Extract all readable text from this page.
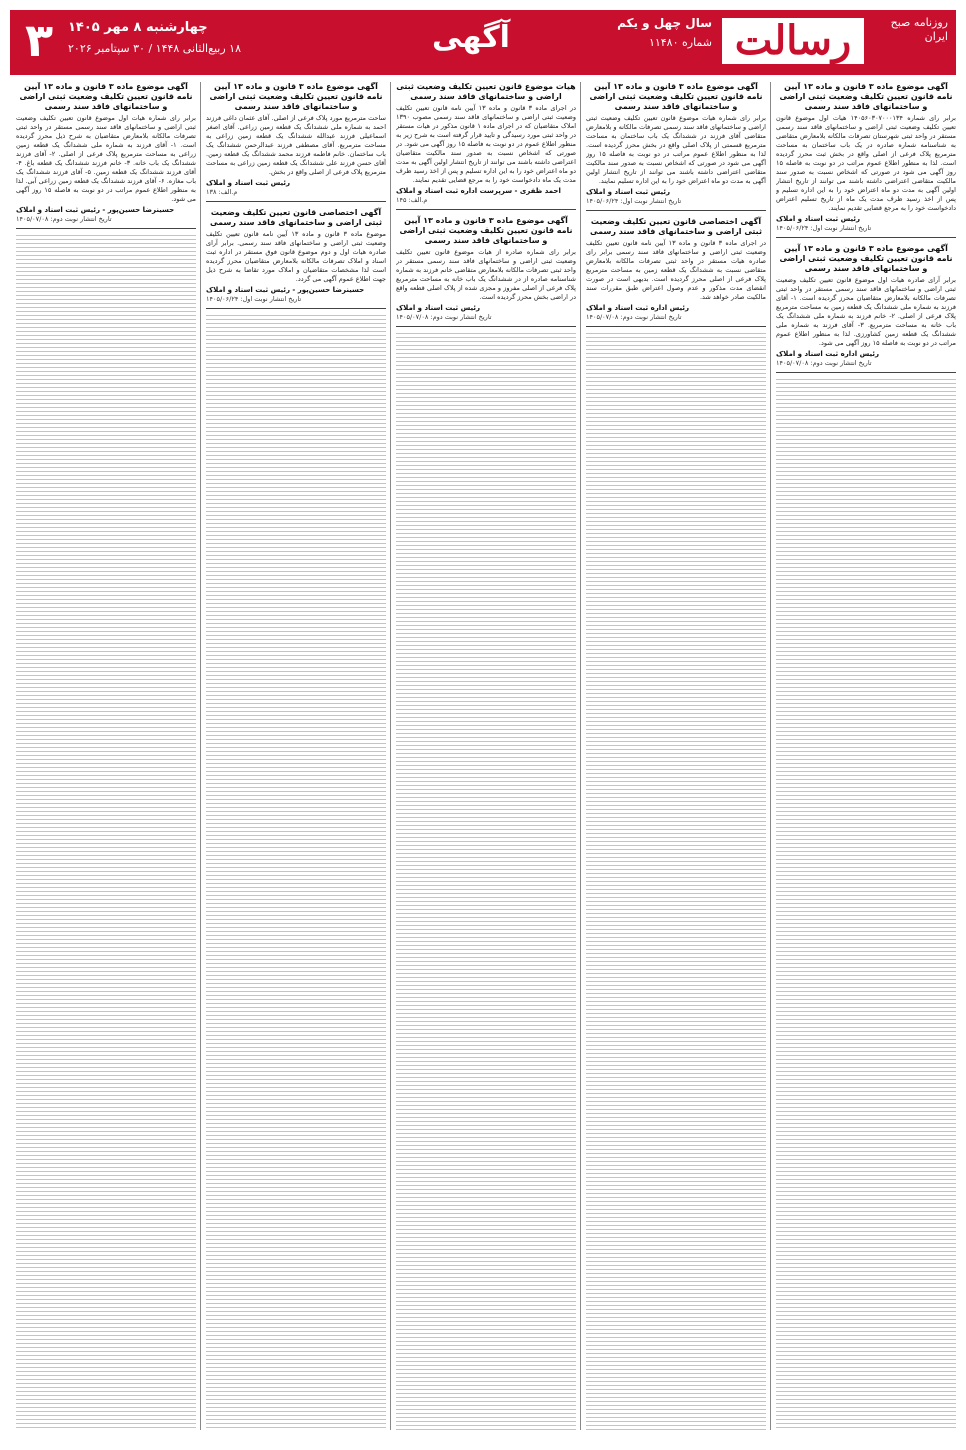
روزنامه صبح ایران
رسالت
سال چهل و یکم
شماره ۱۱۴۸۰
آگهی
چهارشنبه ۸ مهر ۱۴۰۵
۱۸ ربیع‌الثانی ۱۴۴۸ / ۳۰ سپتامبر ۲۰۲۶
۳
آگهی موضوع ماده ۳ قانون و ماده ۱۳ آیین نامه قانون تعیین تکلیف وضعیت ثبتی اراضی و ساختمانهای فاقد سند رسمی
برابر رای شماره ۱۴۰۵۶۰۳۰۷۰۰۰۱۳۴ هیات اول موضوع قانون تعیین تکلیف وضعیت ثبتی اراضی و ساختمانهای فاقد سند رسمی مستقر در واحد ثبتی شهرستان تصرفات مالکانه بلامعارض متقاضی به شناسنامه شماره صادره در یک باب ساختمان به مساحت مترمربع پلاک فرعی از اصلی واقع در بخش ثبت محرز گردیده است. لذا به منظور اطلاع عموم مراتب در دو نوبت به فاصله ۱۵ روز آگهی می شود در صورتی که اشخاص نسبت به صدور سند مالکیت متقاضی اعتراضی داشته باشند می توانند از تاریخ انتشار اولین آگهی به مدت دو ماه اعتراض خود را به این اداره تسلیم و پس از اخذ رسید ظرف مدت یک ماه از تاریخ تسلیم اعتراض دادخواست خود را به مرجع قضایی تقدیم نمایند.
رئیس ثبت اسناد و املاک
تاریخ انتشار نوبت اول: ۱۴۰۵/۰۶/۲۴
آگهی موضوع ماده ۳ قانون و ماده ۱۳ آیین نامه قانون تعیین تکلیف وضعیت ثبتی اراضی و ساختمانهای فاقد سند رسمی
برابر آرای صادره هیات اول موضوع قانون تعیین تکلیف وضعیت ثبتی اراضی و ساختمانهای فاقد سند رسمی مستقر در واحد ثبتی تصرفات مالکانه بلامعارض متقاضیان محرز گردیده است. ۱- آقای فرزند به شماره ملی ششدانگ یک قطعه زمین به مساحت مترمربع پلاک فرعی از اصلی. ۲- خانم فرزند به شماره ملی ششدانگ یک باب خانه به مساحت مترمربع. ۳- آقای فرزند به شماره ملی ششدانگ یک قطعه زمین کشاورزی. لذا به منظور اطلاع عموم مراتب در دو نوبت به فاصله ۱۵ روز آگهی می شود.
رئیس اداره ثبت اسناد و املاک
تاریخ انتشار نوبت دوم: ۱۴۰۵/۰۷/۰۸
آگهی موضوع ماده ۳ قانون و ماده ۱۳ آیین نامه قانون تعیین تکلیف وضعیت ثبتی اراضی و ساختمانهای فاقد سند رسمی
برابر رای شماره هیات موضوع قانون تعیین تکلیف وضعیت ثبتی اراضی و ساختمانهای فاقد سند رسمی تصرفات مالکانه و بلامعارض متقاضی آقای فرزند در ششدانگ یک باب ساختمان به مساحت مترمربع قسمتی از پلاک اصلی واقع در بخش محرز گردیده است. لذا به منظور اطلاع عموم مراتب در دو نوبت به فاصله ۱۵ روز آگهی می شود در صورتی که اشخاص نسبت به صدور سند مالکیت متقاضی اعتراضی داشته باشند می توانند از تاریخ انتشار اولین آگهی به مدت دو ماه اعتراض خود را به این اداره تسلیم نمایند.
رئیس ثبت اسناد و املاک
تاریخ انتشار نوبت اول: ۱۴۰۵/۰۶/۲۴
آگهی اختصاصی قانون تعیین تکلیف وضعیت ثبتی اراضی و ساختمانهای فاقد سند رسمی
در اجرای ماده ۳ قانون و ماده ۱۳ آیین نامه قانون تعیین تکلیف وضعیت ثبتی اراضی و ساختمانهای فاقد سند رسمی برابر رای صادره هیات مستقر در واحد ثبتی تصرفات مالکانه بلامعارض متقاضی نسبت به ششدانگ یک قطعه زمین به مساحت مترمربع پلاک فرعی از اصلی محرز گردیده است. بدیهی است در صورت انقضای مدت مذکور و عدم وصول اعتراض طبق مقررات سند مالکیت صادر خواهد شد.
رئیس اداره ثبت اسناد و املاک
تاریخ انتشار نوبت دوم: ۱۴۰۵/۰۷/۰۸
هیات موضوع قانون تعیین تکلیف وضعیت ثبتی اراضی و ساختمانهای فاقد سند رسمی
در اجرای ماده ۳ قانون و ماده ۱۳ آیین نامه قانون تعیین تکلیف وضعیت ثبتی اراضی و ساختمانهای فاقد سند رسمی مصوب ۱۳۹۰ املاک متقاضیان که در اجرای ماده ۱ قانون مذکور در هیات مستقر در واحد ثبتی مورد رسیدگی و تایید قرار گرفته است به شرح زیر به منظور اطلاع عموم در دو نوبت به فاصله ۱۵ روز آگهی می شود. در صورتی که اشخاص نسبت به صدور سند مالکیت متقاضیان اعتراضی داشته باشند می توانند از تاریخ انتشار اولین آگهی به مدت دو ماه اعتراض خود را به این اداره تسلیم و پس از اخذ رسید ظرف مدت یک ماه دادخواست خود را به مرجع قضایی تقدیم نمایند.
احمد ظفری - سرپرست اداره ثبت اسناد و املاک
م.الف: ۱۴۵
آگهی موضوع ماده ۳ قانون و ماده ۱۳ آیین نامه قانون تعیین تکلیف وضعیت ثبتی اراضی و ساختمانهای فاقد سند رسمی
برابر رای شماره صادره از هیات موضوع قانون تعیین تکلیف وضعیت ثبتی اراضی و ساختمانهای فاقد سند رسمی مستقر در واحد ثبتی تصرفات مالکانه بلامعارض متقاضی خانم فرزند به شماره شناسنامه صادره از در ششدانگ یک باب خانه به مساحت مترمربع پلاک فرعی از اصلی مفروز و مجزی شده از پلاک اصلی قطعه واقع در اراضی بخش محرز گردیده است.
رئیس ثبت اسناد و املاک
تاریخ انتشار نوبت دوم: ۱۴۰۵/۰۷/۰۸
آگهی موضوع ماده ۳ قانون و ماده ۱۳ آیین نامه قانون تعیین تکلیف وضعیت ثبتی اراضی و ساختمانهای فاقد سند رسمی
ساحت مترمربع مورد پلاک فرعی از اصلی. آقای عثمان داغی فرزند احمد به شماره ملی ششدانگ یک قطعه زمین زراعی. آقای اصغر اسماعیلی فرزند عبدالله ششدانگ یک قطعه زمین زراعی به مساحت مترمربع. آقای مصطفی فرزند عبدالرحمن ششدانگ یک باب ساختمان. خانم فاطمه فرزند محمد ششدانگ یک قطعه زمین. آقای حسن فرزند علی ششدانگ یک قطعه زمین زراعی به مساحت مترمربع پلاک فرعی از اصلی واقع در بخش.
رئیس ثبت اسناد و املاک
م.الف: ۱۳۸
آگهی اختصاصی قانون تعیین تکلیف وضعیت ثبتی اراضی و ساختمانهای فاقد سند رسمی
موضوع ماده ۳ قانون و ماده ۱۳ آیین نامه قانون تعیین تکلیف وضعیت ثبتی اراضی و ساختمانهای فاقد سند رسمی. برابر آرای صادره هیات اول و دوم موضوع قانون فوق مستقر در اداره ثبت اسناد و املاک تصرفات مالکانه بلامعارض متقاضیان محرز گردیده است لذا مشخصات متقاضیان و املاک مورد تقاضا به شرح ذیل جهت اطلاع عموم آگهی می گردد.
حسینرضا حسین‌پور - رئیس ثبت اسناد و املاک
تاریخ انتشار نوبت اول: ۱۴۰۵/۰۶/۲۴
آگهی موضوع ماده ۳ قانون و ماده ۱۳ آیین نامه قانون تعیین تکلیف وضعیت ثبتی اراضی و ساختمانهای فاقد سند رسمی
برابر رای شماره هیات اول موضوع قانون تعیین تکلیف وضعیت ثبتی اراضی و ساختمانهای فاقد سند رسمی مستقر در واحد ثبتی تصرفات مالکانه بلامعارض متقاضیان به شرح ذیل محرز گردیده است. ۱- آقای فرزند به شماره ملی ششدانگ یک قطعه زمین زراعی به مساحت مترمربع پلاک فرعی از اصلی. ۲- آقای فرزند ششدانگ یک باب خانه. ۳- خانم فرزند ششدانگ یک قطعه باغ. ۴- آقای فرزند ششدانگ یک قطعه زمین. ۵- آقای فرزند ششدانگ یک باب مغازه. ۶- آقای فرزند ششدانگ یک قطعه زمین زراعی آبی. لذا به منظور اطلاع عموم مراتب در دو نوبت به فاصله ۱۵ روز آگهی می شود.
حسینرضا حسین‌پور - رئیس ثبت اسناد و املاک
تاریخ انتشار نوبت دوم: ۱۴۰۵/۰۷/۰۸
